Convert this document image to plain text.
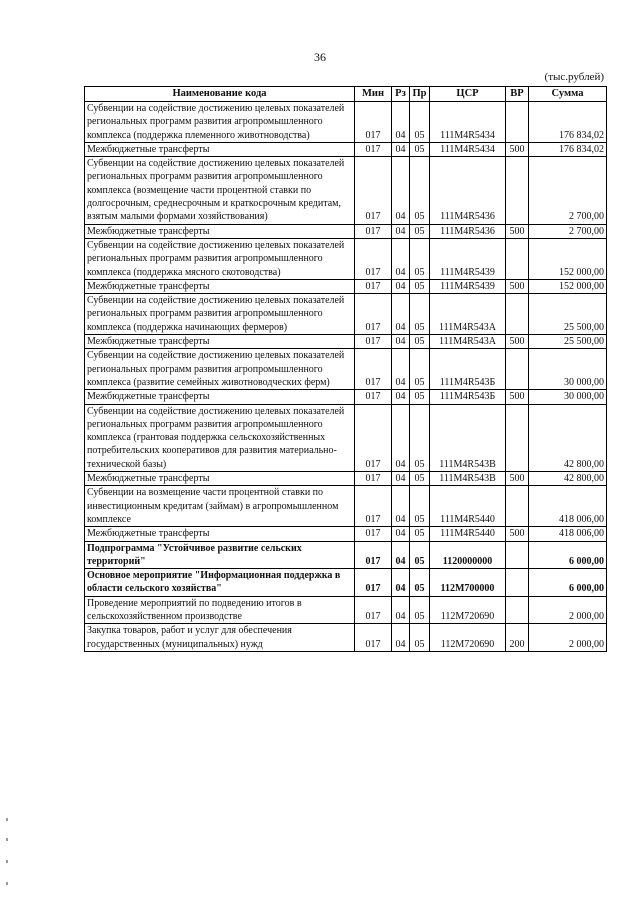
36
(тыс.рублей)
Наименование кода	Мин	Рз	Пр	ЦСР	ВР	Сумма
Субвенции на содействие достижению целевых показателей региональных программ развития агропромышленного комплекса (поддержка племенного животноводства)	017	04	05	111M4R5434		176 834,02
Межбюджетные трансферты	017	04	05	111M4R5434	500	176 834,02
Субвенции на содействие достижению целевых показателей региональных программ развития агропромышленного комплекса (возмещение части процентной ставки по долгосрочным, среднесрочным и краткосрочным кредитам, взятым малыми формами хозяйствования)	017	04	05	111M4R5436		2 700,00
Межбюджетные трансферты	017	04	05	111M4R5436	500	2 700,00
Субвенции на содействие достижению целевых показателей региональных программ развития агропромышленного комплекса (поддержка мясного скотоводства)	017	04	05	111M4R5439		152 000,00
Межбюджетные трансферты	017	04	05	111M4R5439	500	152 000,00
Субвенции на содействие достижению целевых показателей региональных программ развития агропромышленного комплекса (поддержка начинающих фермеров)	017	04	05	111M4R543A		25 500,00
Межбюджетные трансферты	017	04	05	111M4R543A	500	25 500,00
Субвенции на содействие достижению целевых показателей региональных программ развития агропромышленного комплекса (развитие семейных животноводческих ферм)	017	04	05	111M4R543Б		30 000,00
Межбюджетные трансферты	017	04	05	111M4R543Б	500	30 000,00
Субвенции на содействие достижению целевых показателей региональных программ развития агропромышленного комплекса (грантовая поддержка сельскохозяйственных потребительских кооперативов для развития материально-технической базы)	017	04	05	111M4R543B		42 800,00
Межбюджетные трансферты	017	04	05	111M4R543B	500	42 800,00
Субвенции на возмещение части процентной ставки по инвестиционным кредитам (займам) в агропромышленном комплексе	017	04	05	111M4R5440		418 006,00
Межбюджетные трансферты	017	04	05	111M4R5440	500	418 006,00
Подпрограмма "Устойчивое развитие сельских территорий"	017	04	05	1120000000		6 000,00
Основное мероприятие "Информационная поддержка в области сельского хозяйства"	017	04	05	112M700000		6 000,00
Проведение мероприятий по подведению итогов в сельскохозяйственном производстве	017	04	05	112M720690		2 000,00
Закупка товаров, работ и услуг для обеспечения государственных (муниципальных) нужд	017	04	05	112M720690	200	2 000,00
